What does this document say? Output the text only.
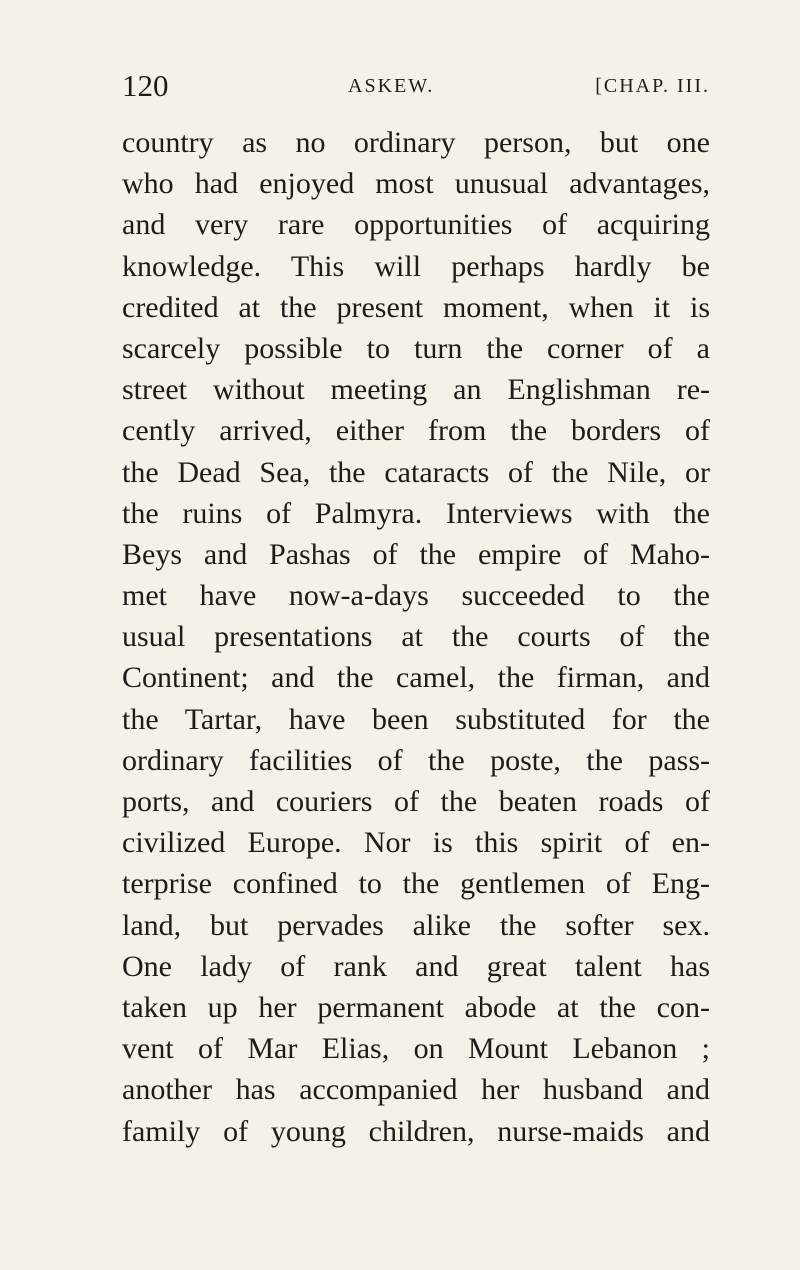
120	ASKEW.	[CHAP. III.
country as no ordinary person, but one
who had enjoyed most unusual advantages,
and very rare opportunities of acquiring
knowledge. This will perhaps hardly be
credited at the present moment, when it is
scarcely possible to turn the corner of a
street without meeting an Englishman re-
cently arrived, either from the borders of
the Dead Sea, the cataracts of the Nile, or
the ruins of Palmyra. Interviews with the
Beys and Pashas of the empire of Maho-
met have now-a-days succeeded to the
usual presentations at the courts of the
Continent; and the camel, the firman, and
the Tartar, have been substituted for the
ordinary facilities of the poste, the pass-
ports, and couriers of the beaten roads of
civilized Europe. Nor is this spirit of en-
terprise confined to the gentlemen of Eng-
land, but pervades alike the softer sex.
One lady of rank and great talent has
taken up her permanent abode at the con-
vent of Mar Elias, on Mount Lebanon ;
another has accompanied her husband and
family of young children, nurse-maids and
